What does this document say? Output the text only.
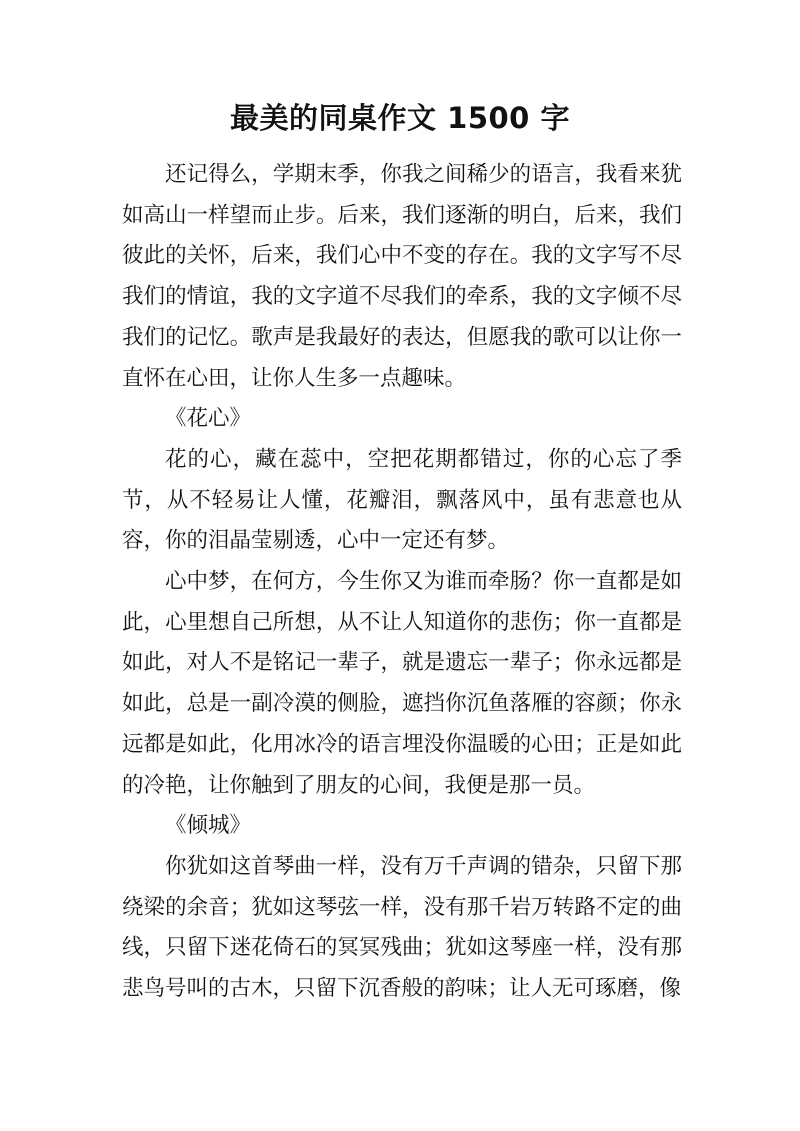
最美的同桌作文 1500 字

还记得么，学期末季，你我之间稀少的语言，我看来犹如高山一样望而止步。后来，我们逐渐的明白，后来，我们彼此的关怀，后来，我们心中不变的存在。我的文字写不尽我们的情谊，我的文字道不尽我们的牵系，我的文字倾不尽我们的记忆。歌声是我最好的表达，但愿我的歌可以让你一直怀在心田，让你人生多一点趣味。

《花心》

花的心，藏在蕊中，空把花期都错过，你的心忘了季节，从不轻易让人懂，花瓣泪，飘落风中，虽有悲意也从容，你的泪晶莹剔透，心中一定还有梦。

心中梦，在何方，今生你又为谁而牵肠？你一直都是如此，心里想自己所想，从不让人知道你的悲伤；你一直都是如此，对人不是铭记一辈子，就是遗忘一辈子；你永远都是如此，总是一副冷漠的侧脸，遮挡你沉鱼落雁的容颜；你永远都是如此，化用冰冷的语言埋没你温暖的心田；正是如此的冷艳，让你触到了朋友的心间，我便是那一员。

《倾城》

你犹如这首琴曲一样，没有万千声调的错杂，只留下那绕梁的余音；犹如这琴弦一样，没有那千岩万转路不定的曲线，只留下迷花倚石的冥冥残曲；犹如这琴座一样，没有那悲鸟号叫的古木，只留下沉香般的韵味；让人无可琢磨，像
